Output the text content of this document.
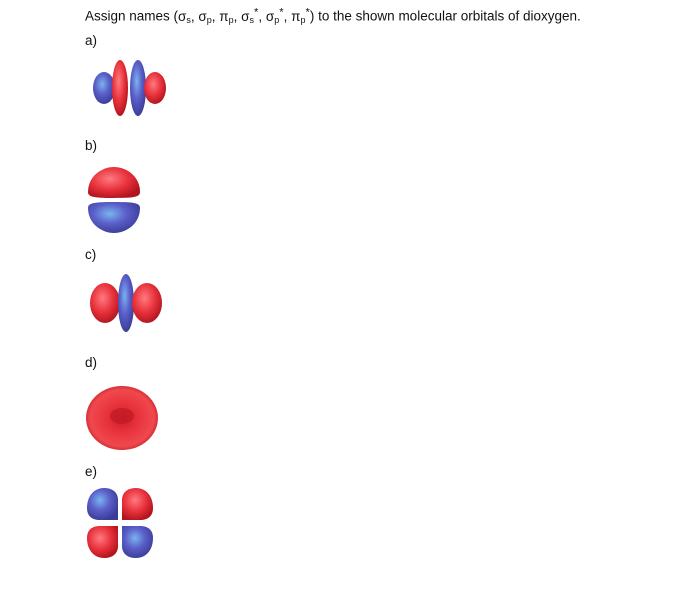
Assign names ($\sigma_s$, $\sigma_p$, $\pi_p$, $\sigma_s^*$, $\sigma_p^*$, $\pi_p^*$) to the shown molecular orbitals of dioxygen.
a)
b)
c)
d)
e)
